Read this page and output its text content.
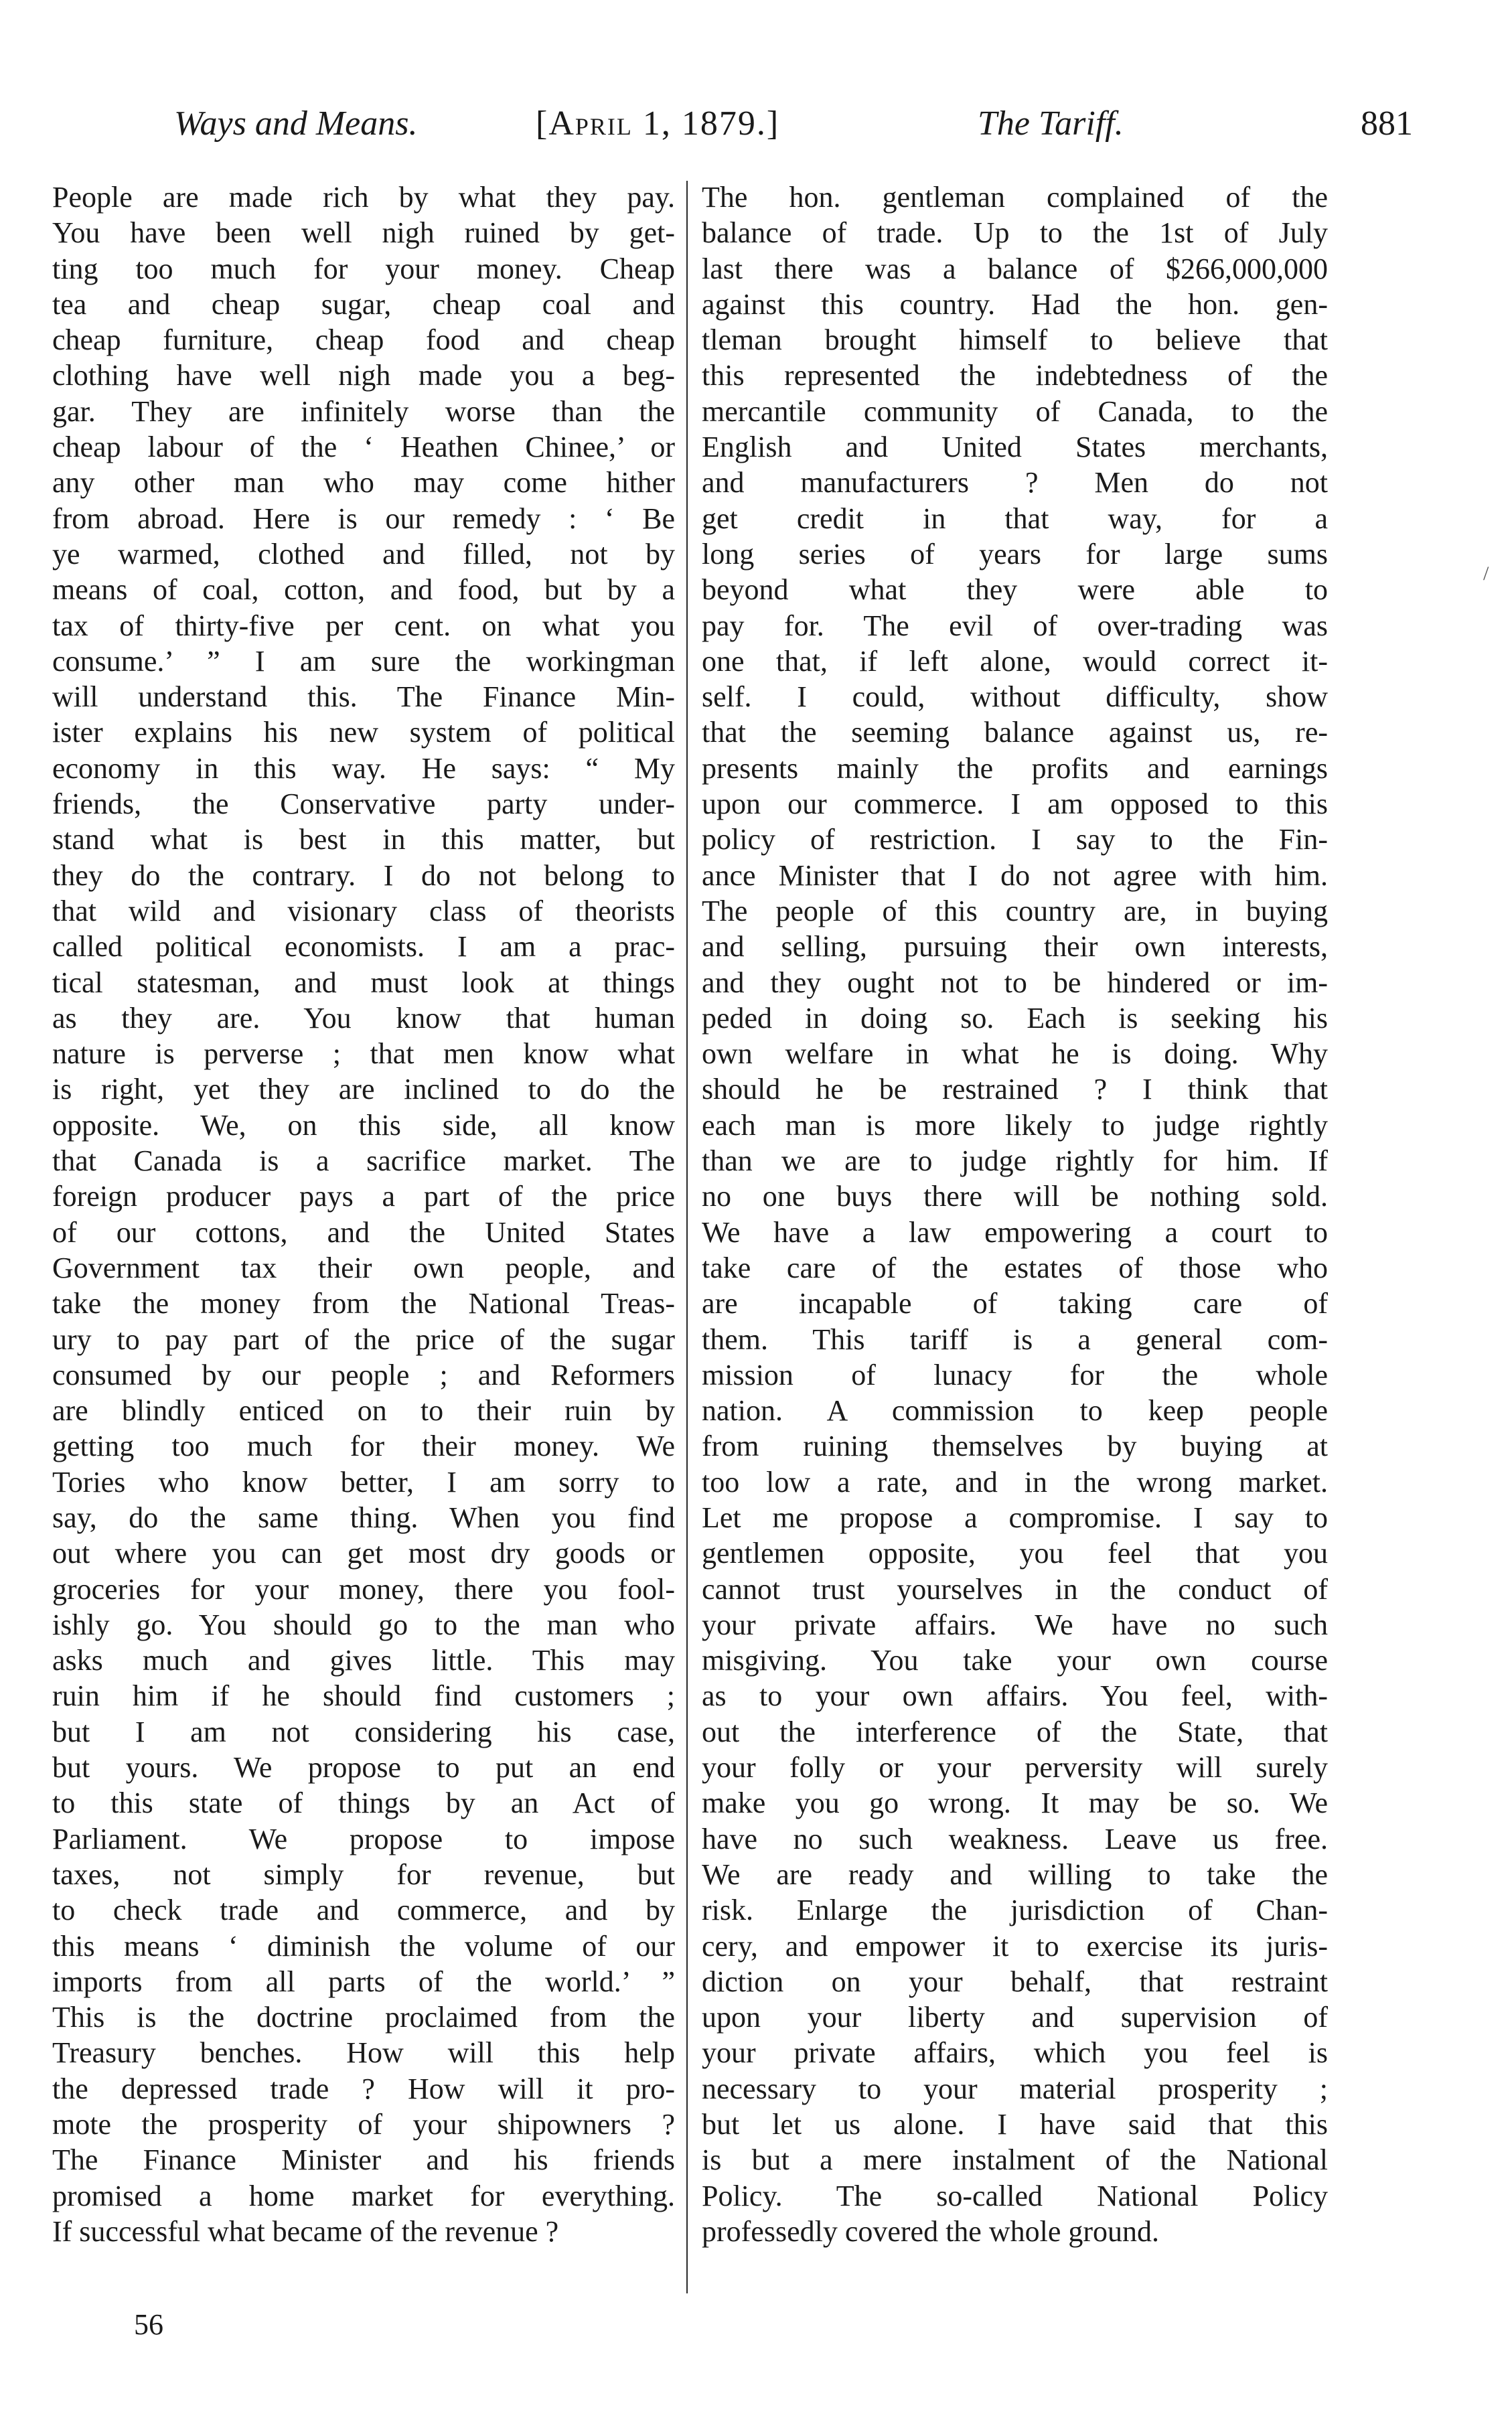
Ways and Means.	[April 1, 1879.]	The Tariff.	881
People are made rich by what they pay.
You have been well nigh ruined by get-
ting too much for your money. Cheap
tea and cheap sugar, cheap coal and
cheap furniture, cheap food and cheap
clothing have well nigh made you a beg-
gar. They are infinitely worse than the
cheap labour of the ‘ Heathen Chinee,’ or
any other man who may come hither
from abroad. Here is our remedy : ‘ Be
ye warmed, clothed and filled, not by
means of coal, cotton, and food, but by a
tax of thirty-five per cent. on what you
consume.’ ” I am sure the workingman
will understand this. The Finance Min-
ister explains his new system of political
economy in this way. He says: “ My
friends, the Conservative party under-
stand what is best in this matter, but
they do the contrary. I do not belong to
that wild and visionary class of theorists
called political economists. I am a prac-
tical statesman, and must look at things
as they are. You know that human
nature is perverse ; that men know what
is right, yet they are inclined to do the
opposite. We, on this side, all know
that Canada is a sacrifice market. The
foreign producer pays a part of the price
of our cottons, and the United States
Government tax their own people, and
take the money from the National Treas-
ury to pay part of the price of the sugar
consumed by our people ; and Reformers
are blindly enticed on to their ruin by
getting too much for their money. We
Tories who know better, I am sorry to
say, do the same thing. When you find
out where you can get most dry goods or
groceries for your money, there you fool-
ishly go. You should go to the man who
asks much and gives little. This may
ruin him if he should find customers ;
but I am not considering his case,
but yours. We propose to put an end
to this state of things by an Act of
Parliament. We propose to impose
taxes, not simply for revenue, but
to check trade and commerce, and by
this means ‘ diminish the volume of our
imports from all parts of the world.’ ”
This is the doctrine proclaimed from the
Treasury benches. How will this help
the depressed trade ? How will it pro-
mote the prosperity of your shipowners ?
The Finance Minister and his friends
promised a home market for everything.
If successful what became of the revenue ?
The hon. gentleman complained of the
balance of trade. Up to the 1st of July
last there was a balance of $266,000,000
against this country. Had the hon. gen-
tleman brought himself to believe that
this represented the indebtedness of the
mercantile community of Canada, to the
English and United States merchants,
and manufacturers ? Men do not
get credit in that way, for a
long series of years for large sums
beyond what they were able to
pay for. The evil of over-trading was
one that, if left alone, would correct it-
self. I could, without difficulty, show
that the seeming balance against us, re-
presents mainly the profits and earnings
upon our commerce. I am opposed to this
policy of restriction. I say to the Fin-
ance Minister that I do not agree with him.
The people of this country are, in buying
and selling, pursuing their own interests,
and they ought not to be hindered or im-
peded in doing so. Each is seeking his
own welfare in what he is doing. Why
should he be restrained ? I think that
each man is more likely to judge rightly
than we are to judge rightly for him. If
no one buys there will be nothing sold.
We have a law empowering a court to
take care of the estates of those who
are incapable of taking care of
them. This tariff is a general com-
mission of lunacy for the whole
nation. A commission to keep people
from ruining themselves by buying at
too low a rate, and in the wrong market.
Let me propose a compromise. I say to
gentlemen opposite, you feel that you
cannot trust yourselves in the conduct of
your private affairs. We have no such
misgiving. You take your own course
as to your own affairs. You feel, with-
out the interference of the State, that
your folly or your perversity will surely
make you go wrong. It may be so. We
have no such weakness. Leave us free.
We are ready and willing to take the
risk. Enlarge the jurisdiction of Chan-
cery, and empower it to exercise its juris-
diction on your behalf, that restraint
upon your liberty and supervision of
your private affairs, which you feel is
necessary to your material prosperity ;
but let us alone. I have said that this
is but a mere instalment of the National
Policy. The so-called National Policy
professedly covered the whole ground.
56
/
